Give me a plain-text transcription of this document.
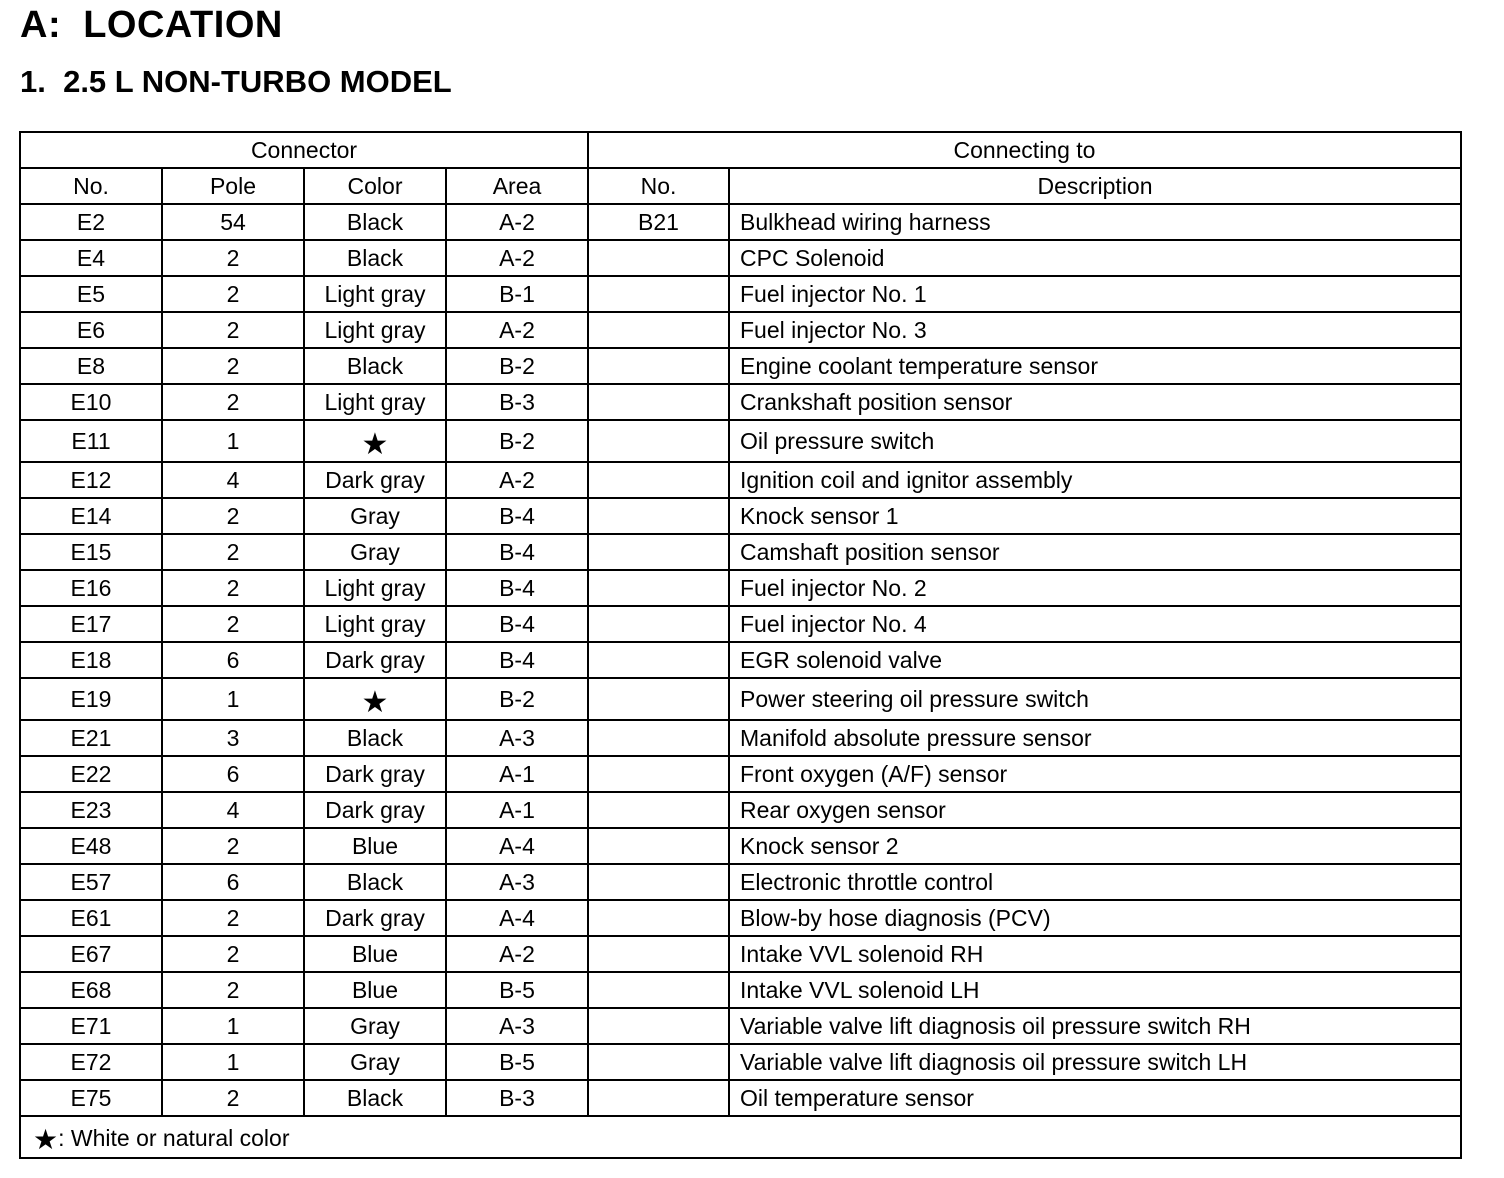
A:  LOCATION
1.  2.5 L NON-TURBO MODEL
Connector				Connecting to	
No.	Pole	Color	Area	No.	Description
E2	54	Black	A-2	B21	Bulkhead wiring harness
E4	2	Black	A-2		CPC Solenoid
E5	2	Light gray	B-1		Fuel injector No. 1
E6	2	Light gray	A-2		Fuel injector No. 3
E8	2	Black	B-2		Engine coolant temperature sensor
E10	2	Light gray	B-3		Crankshaft position sensor
E11	1	★	B-2		Oil pressure switch
E12	4	Dark gray	A-2		Ignition coil and ignitor assembly
E14	2	Gray	B-4		Knock sensor 1
E15	2	Gray	B-4		Camshaft position sensor
E16	2	Light gray	B-4		Fuel injector No. 2
E17	2	Light gray	B-4		Fuel injector No. 4
E18	6	Dark gray	B-4		EGR solenoid valve
E19	1	★	B-2		Power steering oil pressure switch
E21	3	Black	A-3		Manifold absolute pressure sensor
E22	6	Dark gray	A-1		Front oxygen (A/F) sensor
E23	4	Dark gray	A-1		Rear oxygen sensor
E48	2	Blue	A-4		Knock sensor 2
E57	6	Black	A-3		Electronic throttle control
E61	2	Dark gray	A-4		Blow-by hose diagnosis (PCV)
E67	2	Blue	A-2		Intake VVL solenoid RH
E68	2	Blue	B-5		Intake VVL solenoid LH
E71	1	Gray	A-3		Variable valve lift diagnosis oil pressure switch RH
E72	1	Gray	B-5		Variable valve lift diagnosis oil pressure switch LH
E75	2	Black	B-3		Oil temperature sensor
★: White or natural color					
